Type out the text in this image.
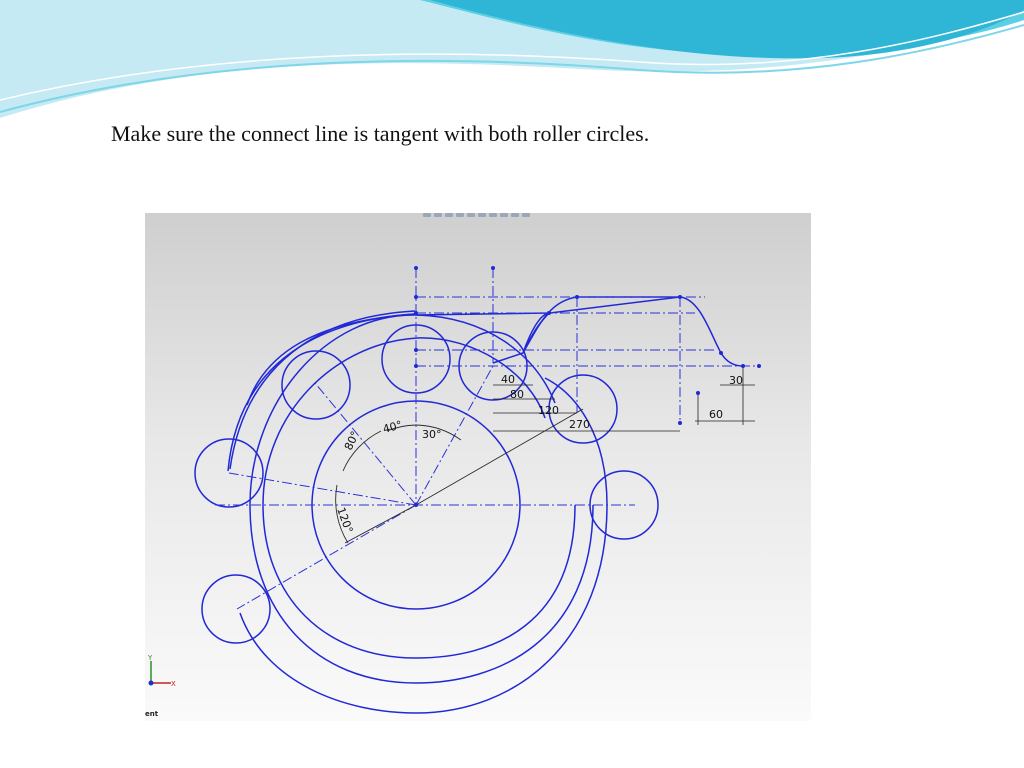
Make sure the connect line is tangent with both roller circles.

40
80
120
270
30
60
30°
40°
80°
120°
Y
X
ent
